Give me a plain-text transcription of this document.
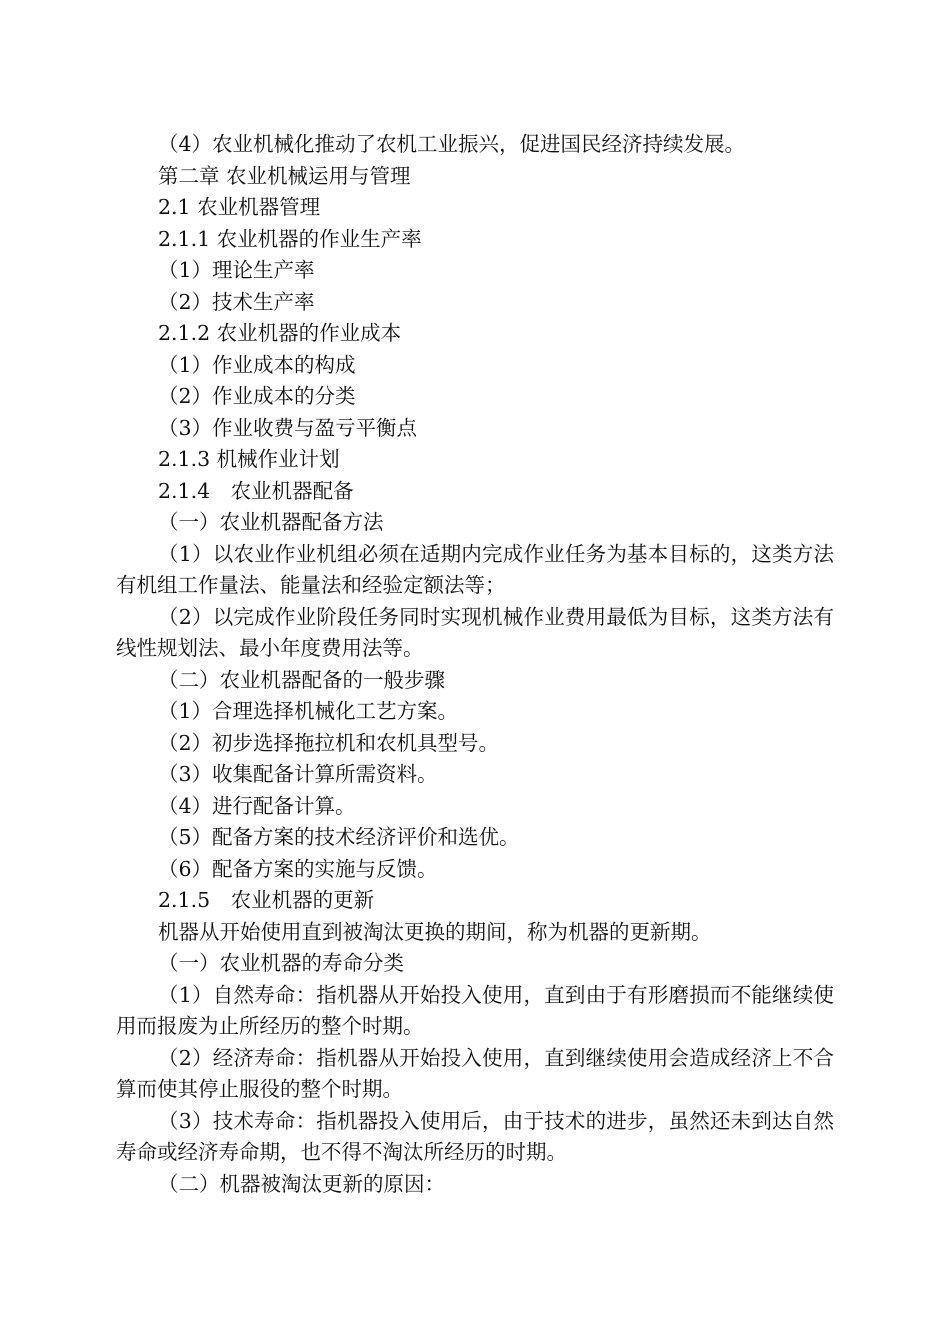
（4）农业机械化推动了农机工业振兴，促进国民经济持续发展。
第二章 农业机械运用与管理
2.1 农业机器管理
2.1.1 农业机器的作业生产率
（1）理论生产率
（2）技术生产率
2.1.2 农业机器的作业成本
（1）作业成本的构成
（2）作业成本的分类
（3）作业收费与盈亏平衡点
2.1.3 机械作业计划
2.1.4　农业机器配备
（一）农业机器配备方法
（1）以农业作业机组必须在适期内完成作业任务为基本目标的，这类方法有机组工作量法、能量法和经验定额法等；
（2）以完成作业阶段任务同时实现机械作业费用最低为目标，这类方法有线性规划法、最小年度费用法等。
（二）农业机器配备的一般步骤
（1）合理选择机械化工艺方案。
（2）初步选择拖拉机和农机具型号。
（3）收集配备计算所需资料。
（4）进行配备计算。
（5）配备方案的技术经济评价和选优。
（6）配备方案的实施与反馈。
2.1.5　农业机器的更新
机器从开始使用直到被淘汰更换的期间，称为机器的更新期。
（一）农业机器的寿命分类
（1）自然寿命：指机器从开始投入使用，直到由于有形磨损而不能继续使用而报废为止所经历的整个时期。
（2）经济寿命：指机器从开始投入使用，直到继续使用会造成经济上不合算而使其停止服役的整个时期。
（3）技术寿命：指机器投入使用后，由于技术的进步，虽然还未到达自然寿命或经济寿命期，也不得不淘汰所经历的时期。
（二）机器被淘汰更新的原因：
